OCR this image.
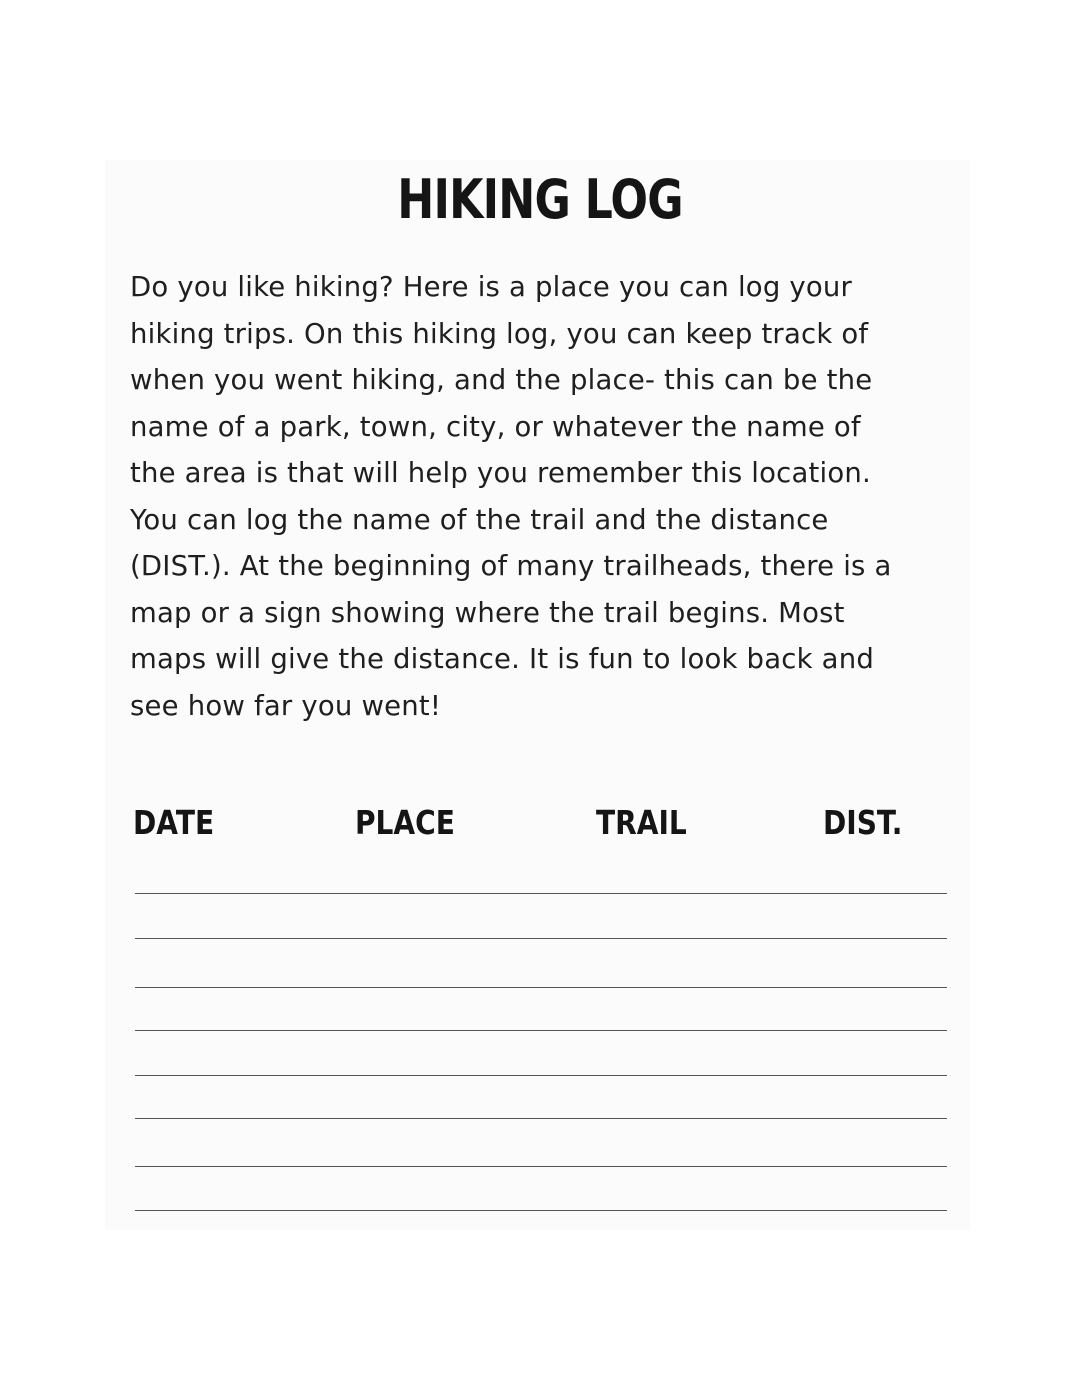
HIKING LOG

Do you like hiking? Here is a place you can log your
hiking trips. On this hiking log, you can keep track of
when you went hiking, and the place- this can be the
name of a park, town, city, or whatever the name of
the area is that will help you remember this location.
You can log the name of the trail and the distance
(DIST.). At the beginning of many trailheads, there is a
map or a sign showing where the trail begins. Most
maps will give the distance. It is fun to look back and
see how far you went!

DATE	PLACE	TRAIL	DIST.
